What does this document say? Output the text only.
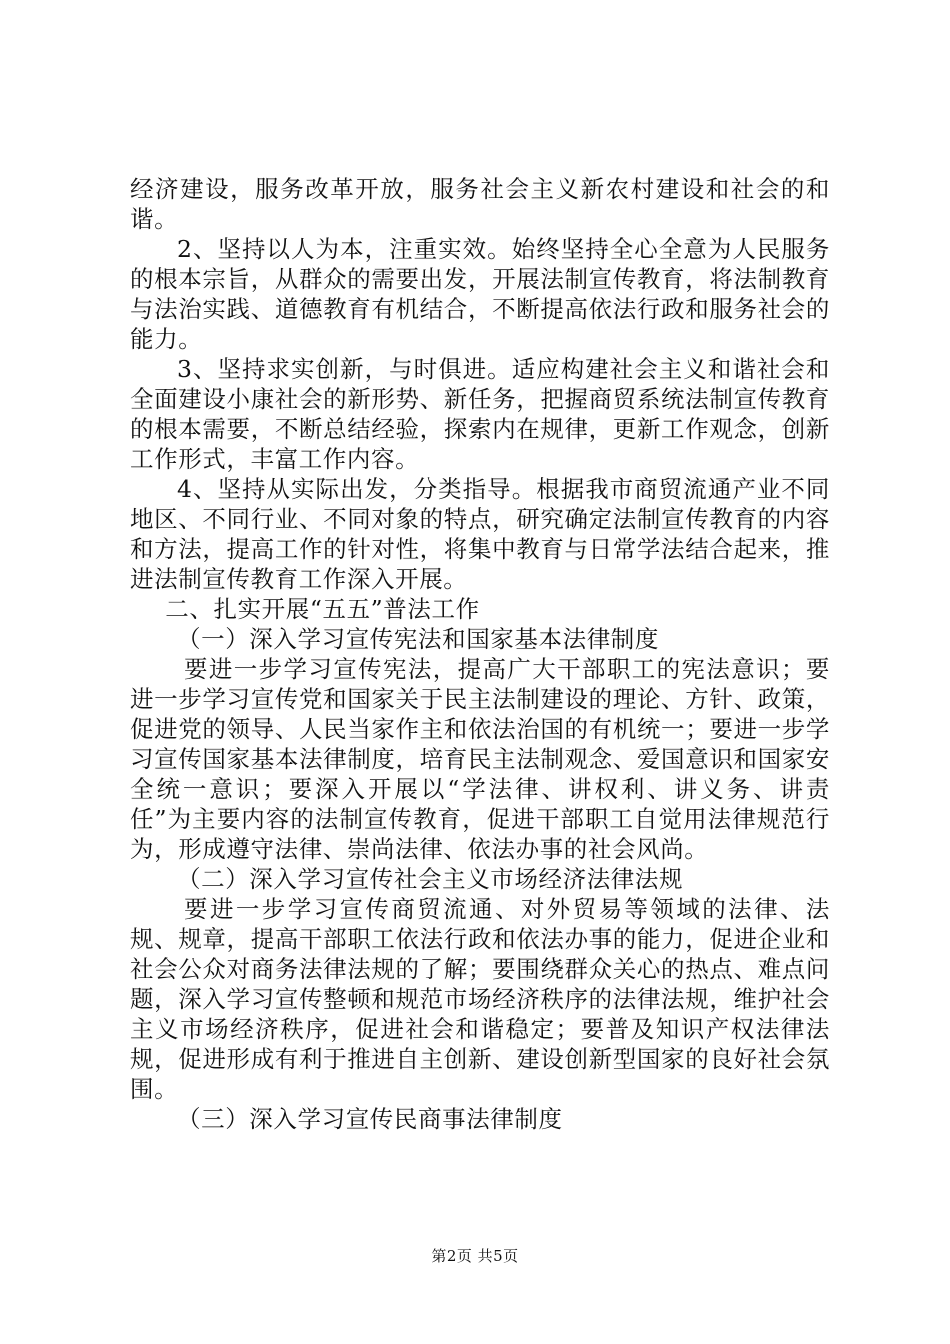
经济建设，服务改革开放，服务社会主义新农村建设和社会的和谐。

2、坚持以人为本，注重实效。始终坚持全心全意为人民服务的根本宗旨，从群众的需要出发，开展法制宣传教育，将法制教育与法治实践、道德教育有机结合，不断提高依法行政和服务社会的能力。

3、坚持求实创新，与时俱进。适应构建社会主义和谐社会和全面建设小康社会的新形势、新任务，把握商贸系统法制宣传教育的根本需要，不断总结经验，探索内在规律，更新工作观念，创新工作形式，丰富工作内容。

4、坚持从实际出发，分类指导。根据我市商贸流通产业不同地区、不同行业、不同对象的特点，研究确定法制宣传教育的内容和方法，提高工作的针对性，将集中教育与日常学法结合起来，推进法制宣传教育工作深入开展。

二、扎实开展“五五”普法工作

（一）深入学习宣传宪法和国家基本法律制度

要进一步学习宣传宪法，提高广大干部职工的宪法意识；要进一步学习宣传党和国家关于民主法制建设的理论、方针、政策，促进党的领导、人民当家作主和依法治国的有机统一；要进一步学习宣传国家基本法律制度，培育民主法制观念、爱国意识和国家安全统一意识；要深入开展以“学法律、讲权利、讲义务、讲责任”为主要内容的法制宣传教育，促进干部职工自觉用法律规范行为，形成遵守法律、崇尚法律、依法办事的社会风尚。

（二）深入学习宣传社会主义市场经济法律法规

要进一步学习宣传商贸流通、对外贸易等领域的法律、法规、规章，提高干部职工依法行政和依法办事的能力，促进企业和社会公众对商务法律法规的了解；要围绕群众关心的热点、难点问题，深入学习宣传整顿和规范市场经济秩序的法律法规，维护社会主义市场经济秩序，促进社会和谐稳定；要普及知识产权法律法规，促进形成有利于推进自主创新、建设创新型国家的良好社会氛围。

（三）深入学习宣传民商事法律制度

第2页 共5页
